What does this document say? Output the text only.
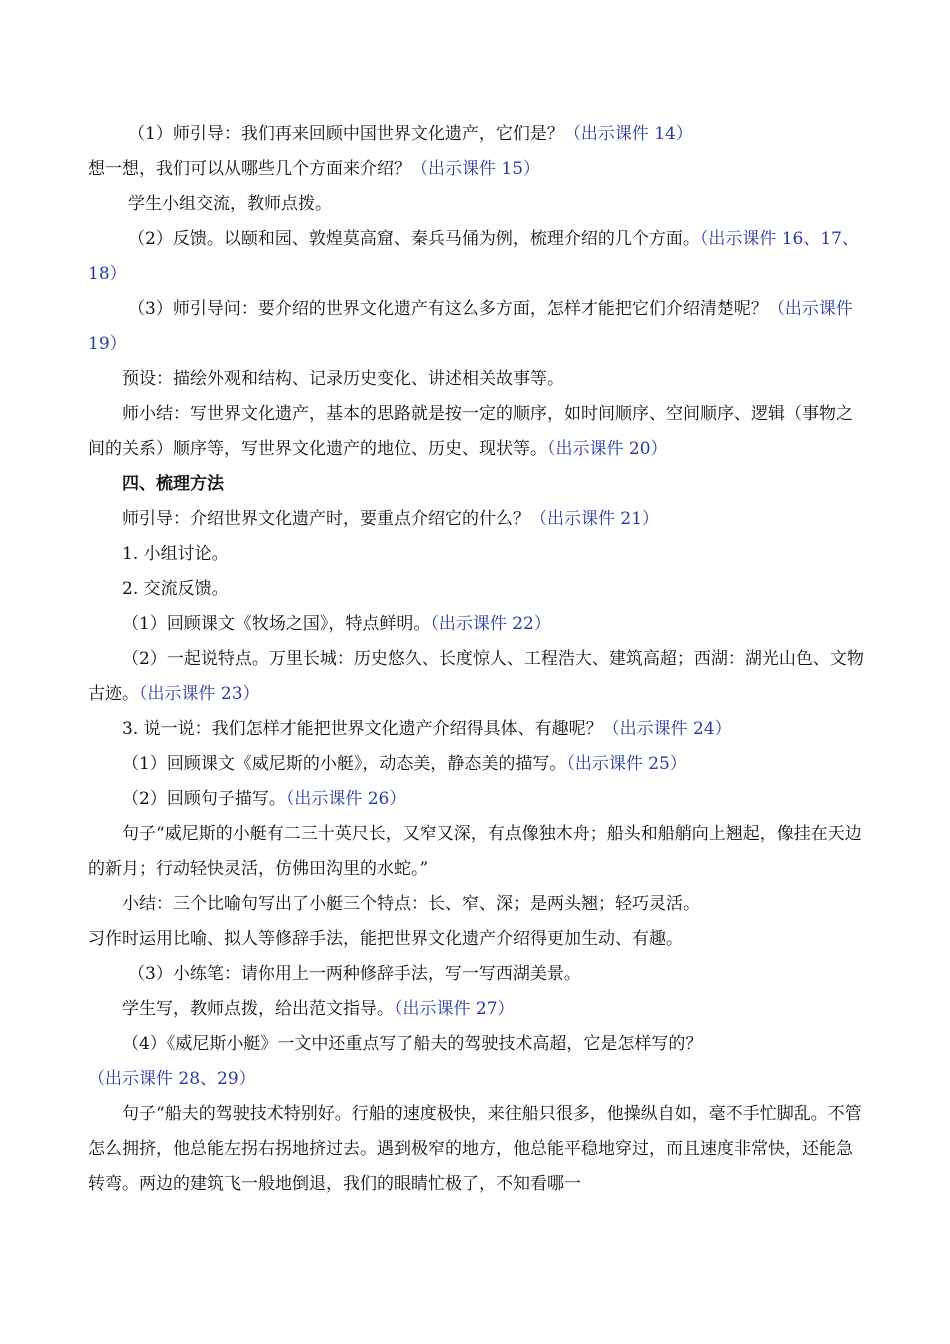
（1）师引导：我们再来回顾中国世界文化遗产，它们是？（出示课件 14）

想一想，我们可以从哪些几个方面来介绍？（出示课件 15）

学生小组交流，教师点拨。

（2）反馈。以颐和园、敦煌莫高窟、秦兵马俑为例，梳理介绍的几个方面。（出示课件 16、17、18）

（3）师引导问：要介绍的世界文化遗产有这么多方面，怎样才能把它们介绍清楚呢？（出示课件 19）

预设：描绘外观和结构、记录历史变化、讲述相关故事等。

师小结：写世界文化遗产，基本的思路就是按一定的顺序，如时间顺序、空间顺序、逻辑（事物之间的关系）顺序等，写世界文化遗产的地位、历史、现状等。（出示课件 20）

四、梳理方法

师引导：介绍世界文化遗产时，要重点介绍它的什么？（出示课件 21）

1. 小组讨论。

2. 交流反馈。

（1）回顾课文《牧场之国》，特点鲜明。（出示课件 22）

（2）一起说特点。万里长城：历史悠久、长度惊人、工程浩大、建筑高超；西湖：湖光山色、文物古迹。（出示课件 23）

3. 说一说：我们怎样才能把世界文化遗产介绍得具体、有趣呢？（出示课件 24）

（1）回顾课文《威尼斯的小艇》，动态美，静态美的描写。（出示课件 25）

（2）回顾句子描写。（出示课件 26）

句子“威尼斯的小艇有二三十英尺长，又窄又深，有点像独木舟；船头和船艄向上翘起，像挂在天边的新月；行动轻快灵活，仿佛田沟里的水蛇。”

小结：三个比喻句写出了小艇三个特点：长、窄、深；是两头翘；轻巧灵活。

习作时运用比喻、拟人等修辞手法，能把世界文化遗产介绍得更加生动、有趣。

（3）小练笔：请你用上一两种修辞手法，写一写西湖美景。

学生写，教师点拨，给出范文指导。（出示课件 27）

（4）《威尼斯小艇》一文中还重点写了船夫的驾驶技术高超，它是怎样写的？（出示课件 28、29）

句子“船夫的驾驶技术特别好。行船的速度极快，来往船只很多，他操纵自如，毫不手忙脚乱。不管怎么拥挤，他总能左拐右拐地挤过去。遇到极窄的地方，他总能平稳地穿过，而且速度非常快，还能急转弯。两边的建筑飞一般地倒退，我们的眼睛忙极了，不知看哪一
